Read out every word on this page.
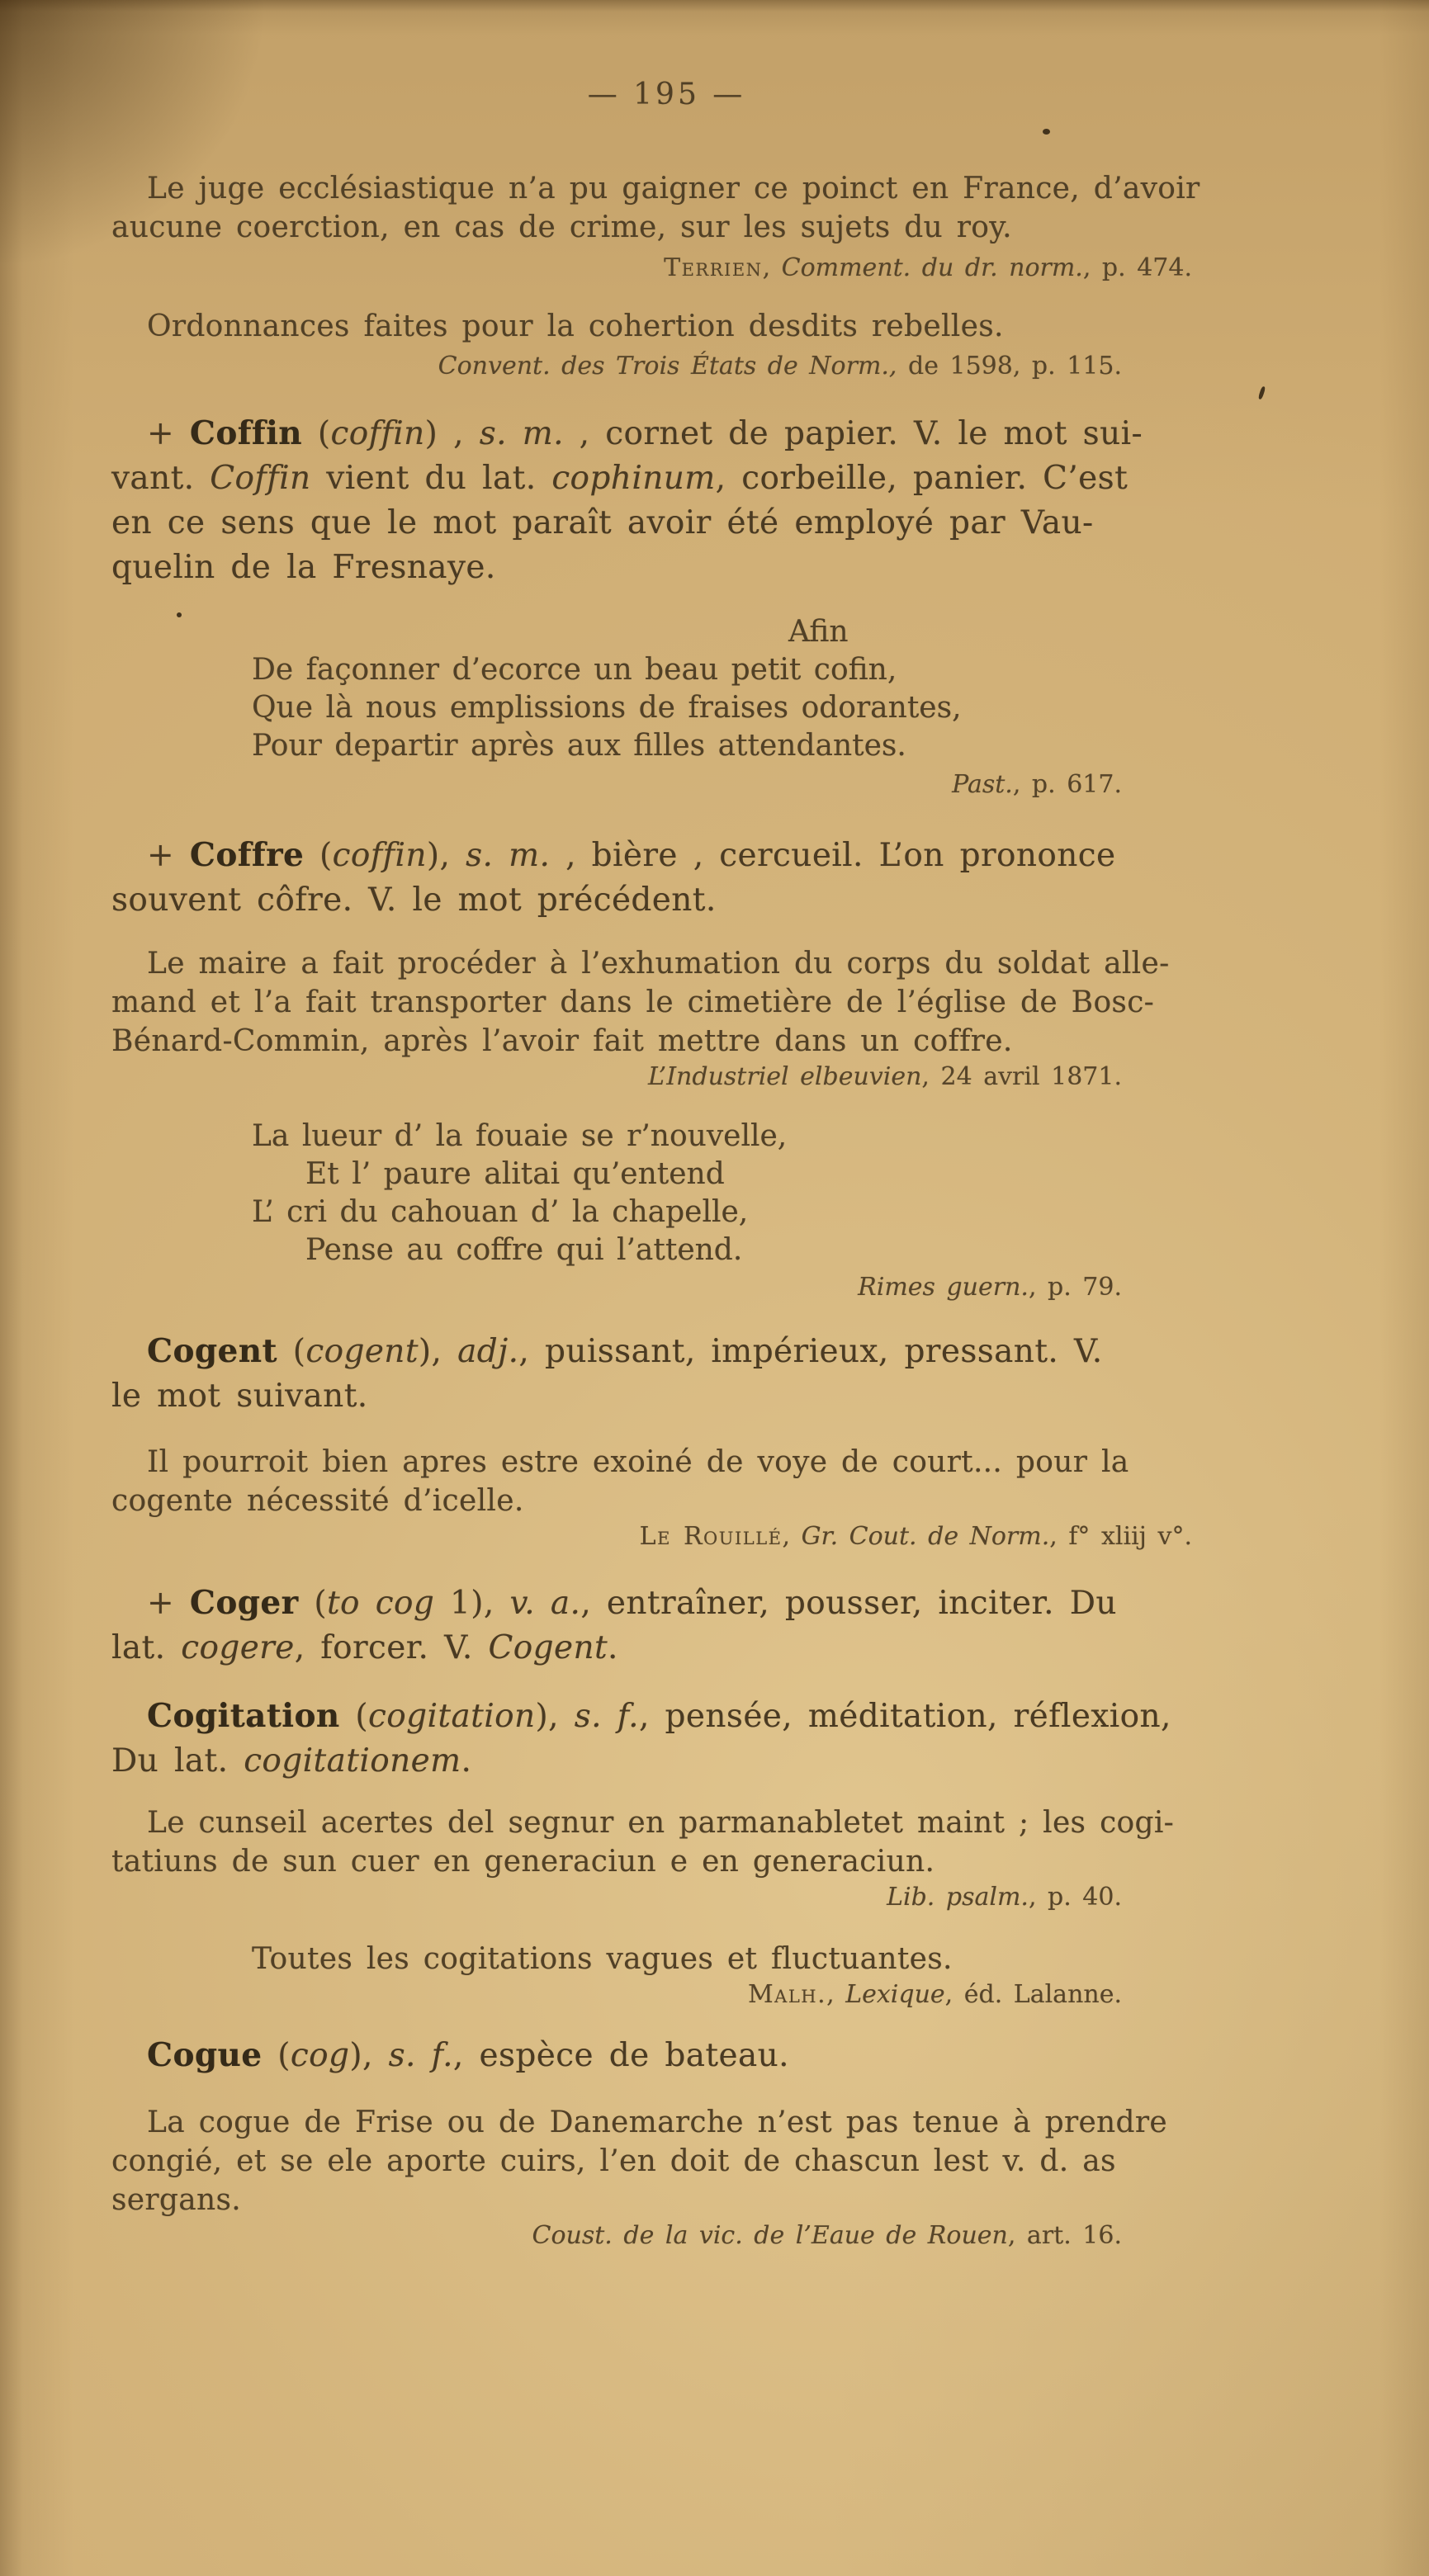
— 195 —
Le juge ecclésiastique n’a pu gaigner ce poinct en France, d’avoir
aucune coerction, en cas de crime, sur les sujets du roy.
Terrien, Comment. du dr. norm., p. 474.
Ordonnances faites pour la cohertion desdits rebelles.
Convent. des Trois États de Norm., de 1598, p. 115.
+ Coffin (coffin) , s. m. , cornet de papier. V. le mot sui-
vant. Coffin vient du lat. cophinum, corbeille, panier. C’est
en ce sens que le mot paraît avoir été employé par Vau-
quelin de la Fresnaye.
Afin
De façonner d’ecorce un beau petit cofin,
Que là nous emplissions de fraises odorantes,
Pour departir après aux filles attendantes.
Past., p. 617.
+ Coffre (coffin), s. m. , bière , cercueil. L’on prononce
souvent côfre. V. le mot précédent.
Le maire a fait procéder à l’exhumation du corps du soldat alle-
mand et l’a fait transporter dans le cimetière de l’église de Bosc-
Bénard-Commin, après l’avoir fait mettre dans un coffre.
L’Industriel elbeuvien, 24 avril 1871.
La lueur d’ la fouaie se r’nouvelle,
Et l’ paure alitai qu’entend
L’ cri du cahouan d’ la chapelle,
Pense au coffre qui l’attend.
Rimes guern., p. 79.
Cogent (cogent), adj., puissant, impérieux, pressant. V.
le mot suivant.
Il pourroit bien apres estre exoiné de voye de court... pour la
cogente nécessité d’icelle.
Le Rouillé, Gr. Cout. de Norm., f° xliij v°.
+ Coger (to cog 1), v. a., entraîner, pousser, inciter. Du
lat. cogere, forcer. V. Cogent.
Cogitation (cogitation), s. f., pensée, méditation, réflexion,
Du lat. cogitationem.
Le cunseil acertes del segnur en parmanabletet maint ; les cogi-
tatiuns de sun cuer en generaciun e en generaciun.
Lib. psalm., p. 40.
Toutes les cogitations vagues et fluctuantes.
Malh., Lexique, éd. Lalanne.
Cogue (cog), s. f., espèce de bateau.
La cogue de Frise ou de Danemarche n’est pas tenue à prendre
congié, et se ele aporte cuirs, l’en doit de chascun lest v. d. as
sergans.
Coust. de la vic. de l’Eaue de Rouen, art. 16.
